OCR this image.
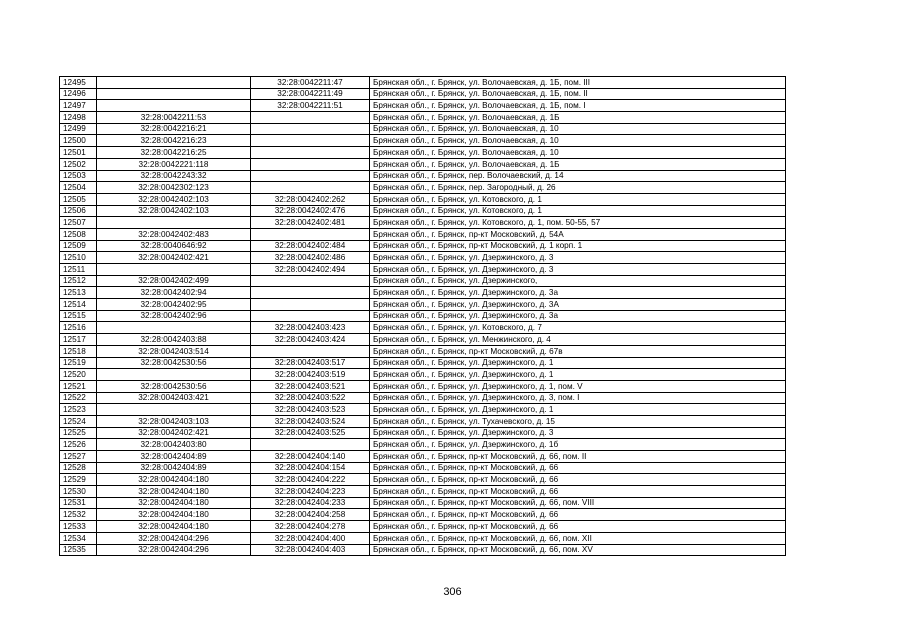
12495		32:28:0042211:47	Брянская обл., г. Брянск, ул. Волочаевская, д. 1Б, пом. III
12496		32:28:0042211:49	Брянская обл., г. Брянск, ул. Волочаевская, д. 1Б, пом. II
12497		32:28:0042211:51	Брянская обл., г. Брянск, ул. Волочаевская, д. 1Б, пом. I
12498	32:28:0042211:53		Брянская обл., г. Брянск, ул. Волочаевская, д. 1Б
12499	32:28:0042216:21		Брянская обл., г. Брянск, ул. Волочаевская, д. 10
12500	32:28:0042216:23		Брянская обл., г. Брянск, ул. Волочаевская, д. 10
12501	32:28:0042216:25		Брянская обл., г. Брянск, ул. Волочаевская, д. 10
12502	32:28:0042221:118		Брянская обл., г. Брянск, ул. Волочаевская, д. 1Б
12503	32:28:0042243:32		Брянская обл., г. Брянск, пер. Волочаевский, д. 14
12504	32:28:0042302:123		Брянская обл., г. Брянск, пер. Загородный, д. 26
12505	32:28:0042402:103	32:28:0042402:262	Брянская обл., г. Брянск, ул. Котовского, д. 1
12506	32:28:0042402:103	32:28:0042402:476	Брянская обл., г. Брянск, ул. Котовского, д. 1
12507		32:28:0042402:481	Брянская обл., г. Брянск, ул. Котовского, д. 1, пом. 50-55, 57
12508	32:28:0042402:483		Брянская обл., г. Брянск, пр-кт Московский, д. 54А
12509	32:28:0040646:92	32:28:0042402:484	Брянская обл., г. Брянск, пр-кт Московский, д. 1 корп. 1
12510	32:28:0042402:421	32:28:0042402:486	Брянская обл., г. Брянск, ул. Дзержинского, д. 3
12511		32:28:0042402:494	Брянская обл., г. Брянск, ул. Дзержинского, д. 3
12512	32:28:0042402:499		Брянская обл., г. Брянск, ул. Дзержинского,
12513	32:28:0042402:94		Брянская обл., г. Брянск, ул. Дзержинского, д. 3а
12514	32:28:0042402:95		Брянская обл., г. Брянск, ул. Дзержинского, д. 3А
12515	32:28:0042402:96		Брянская обл., г. Брянск, ул. Дзержинского, д. 3а
12516		32:28:0042403:423	Брянская обл., г. Брянск, ул. Котовского, д. 7
12517	32:28:0042403:88	32:28:0042403:424	Брянская обл., г. Брянск, ул. Менжинского, д. 4
12518	32:28:0042403:514		Брянская обл., г. Брянск, пр-кт Московский, д. 67в
12519	32:28:0042530:56	32:28:0042403:517	Брянская обл., г. Брянск, ул. Дзержинского, д. 1
12520		32:28:0042403:519	Брянская обл., г. Брянск, ул. Дзержинского, д. 1
12521	32:28:0042530:56	32:28:0042403:521	Брянская обл., г. Брянск, ул. Дзержинского, д. 1, пом. V
12522	32:28:0042403:421	32:28:0042403:522	Брянская обл., г. Брянск, ул. Дзержинского, д. 3, пом. I
12523		32:28:0042403:523	Брянская обл., г. Брянск, ул. Дзержинского, д. 1
12524	32:28:0042403:103	32:28:0042403:524	Брянская обл., г. Брянск, ул. Тухачевского, д. 15
12525	32:28:0042402:421	32:28:0042403:525	Брянская обл., г. Брянск, ул. Дзержинского, д. 3
12526	32:28:0042403:80		Брянская обл., г. Брянск, ул. Дзержинского, д. 1б
12527	32:28:0042404:89	32:28:0042404:140	Брянская обл., г. Брянск, пр-кт Московский, д. 66, пом. II
12528	32:28:0042404:89	32:28:0042404:154	Брянская обл., г. Брянск, пр-кт Московский, д. 66
12529	32:28:0042404:180	32:28:0042404:222	Брянская обл., г. Брянск, пр-кт Московский, д. 66
12530	32:28:0042404:180	32:28:0042404:223	Брянская обл., г. Брянск, пр-кт Московский, д. 66
12531	32:28:0042404:180	32:28:0042404:233	Брянская обл., г. Брянск, пр-кт Московский, д. 66, пом. VIII
12532	32:28:0042404:180	32:28:0042404:258	Брянская обл., г. Брянск, пр-кт Московский, д. 66
12533	32:28:0042404:180	32:28:0042404:278	Брянская обл., г. Брянск, пр-кт Московский, д. 66
12534	32:28:0042404:296	32:28:0042404:400	Брянская обл., г. Брянск, пр-кт Московский, д. 66, пом. XII
12535	32:28:0042404:296	32:28:0042404:403	Брянская обл., г. Брянск, пр-кт Московский, д. 66, пом. XV
306
